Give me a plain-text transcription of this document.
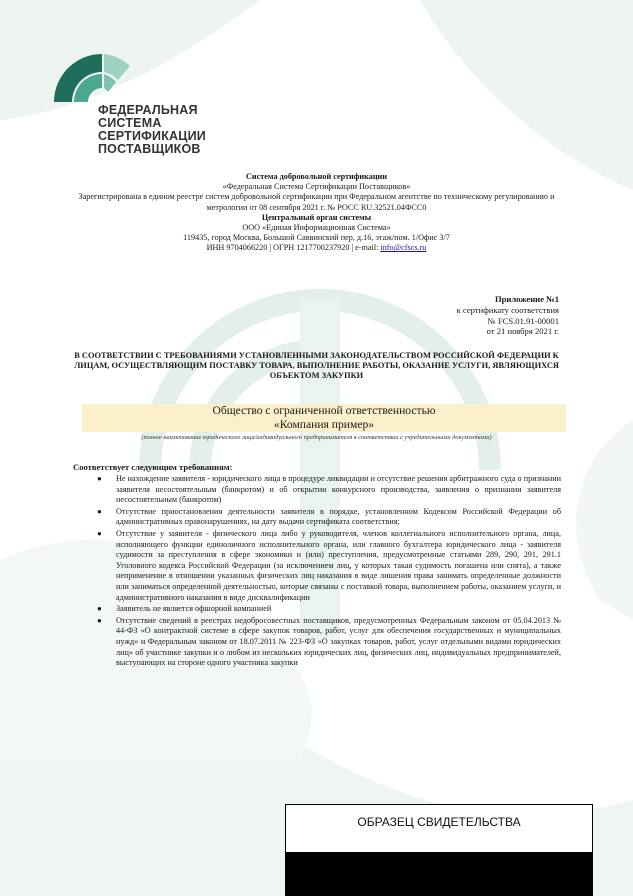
ФЕДЕРАЛЬНАЯ
СИСТЕМА
СЕРТИФИКАЦИИ
ПОСТАВЩИКОВ
Система добровольной сертификации
«Федеральная Система Сертификации Поставщиков»
Зарегистрирована в едином реестре систем добровольной сертификации при Федеральном агентстве по техническому регулированию и метрологии от 08 сентября 2021 г. № РОСС RU.32521.04ФСС0
Центральный орган системы
ООО «Единая Информационная Система»
119435, город Москва, Большой Саввинский пер, д.16, этаж/пом. 1/Офис 3/7
ИНН 9704066220 | ОГРН 1217700237920 | e-mail: info@cfscs.ru
Приложение №1
к сертификату соответствия
№ FCS.01.91-00001
от 21 ноября 2021 г.
В СООТВЕТСТВИИ С ТРЕБОВАНИЯМИ УСТАНОВЛЕННЫМИ ЗАКОНОДАТЕЛЬСТВОМ РОССИЙСКОЙ ФЕДЕРАЦИИ К ЛИЦАМ, ОСУЩЕСТВЛЯЮЩИМ ПОСТАВКУ ТОВАРА, ВЫПОЛНЕНИЕ РАБОТЫ, ОКАЗАНИЕ УСЛУГИ, ЯВЛЯЮЩИХСЯ ОБЪЕКТОМ ЗАКУПКИ
Общество с ограниченной ответственностью
«Компания пример»
(полное наименование юридического лица/индивидуального предпринимателя в соответствии с учредительными документами)
Соответствует следующим требованиям:
● Не нахождение заявителя - юридического лица в процедуре ликвидации и отсутствие решения арбитражного суда о признании заявителя несостоятельным (банкротом) и об открытии конкурсного производства, заявления о признании заявителя несостоятельным (банкротом)
● Отсутствие приостановления деятельности заявителя в порядке, установленном Кодексом Российской Федерации об административных правонарушениях, на дату выдачи сертификата соответствия;
● Отсутствие у заявителя - физического лица либо у руководителя, членов коллегиального исполнительного органа, лица, исполняющего функции единоличного исполнительного органа, или главного бухгалтера юридического лица - заявителя судимости за преступления в сфере экономики и (или) преступления, предусмотренные статьями 289, 290, 291, 291.1 Уголовного кодекса Российской Федерации (за исключением лиц, у которых такая судимость погашена или снята), а также неприменение в отношении указанных физических лиц наказания в виде лишения права занимать определенные должности или заниматься определенной деятельностью, которые связаны с поставкой товара, выполнением работы, оказанием услуги, и административного наказания в виде дисквалификации
● Заявитель не является офшорной компанией
● Отсутствие сведений в реестрах недобросовестных поставщиков, предусмотренных Федеральным законом от 05.04.2013 № 44-ФЗ «О контрактной системе в сфере закупок товаров, работ, услуг для обеспечения государственных и муниципальных нужд» и Федеральным законом от 18.07.2011 № 223-ФЗ «О закупках товаров, работ, услуг отдельными видами юридических лиц» об участнике закупки и о любом из нескольких юридических лиц, физических лиц, индивидуальных предпринимателей, выступающих на стороне одного участника закупки
ОБРАЗЕЦ СВИДЕТЕЛЬСТВА
